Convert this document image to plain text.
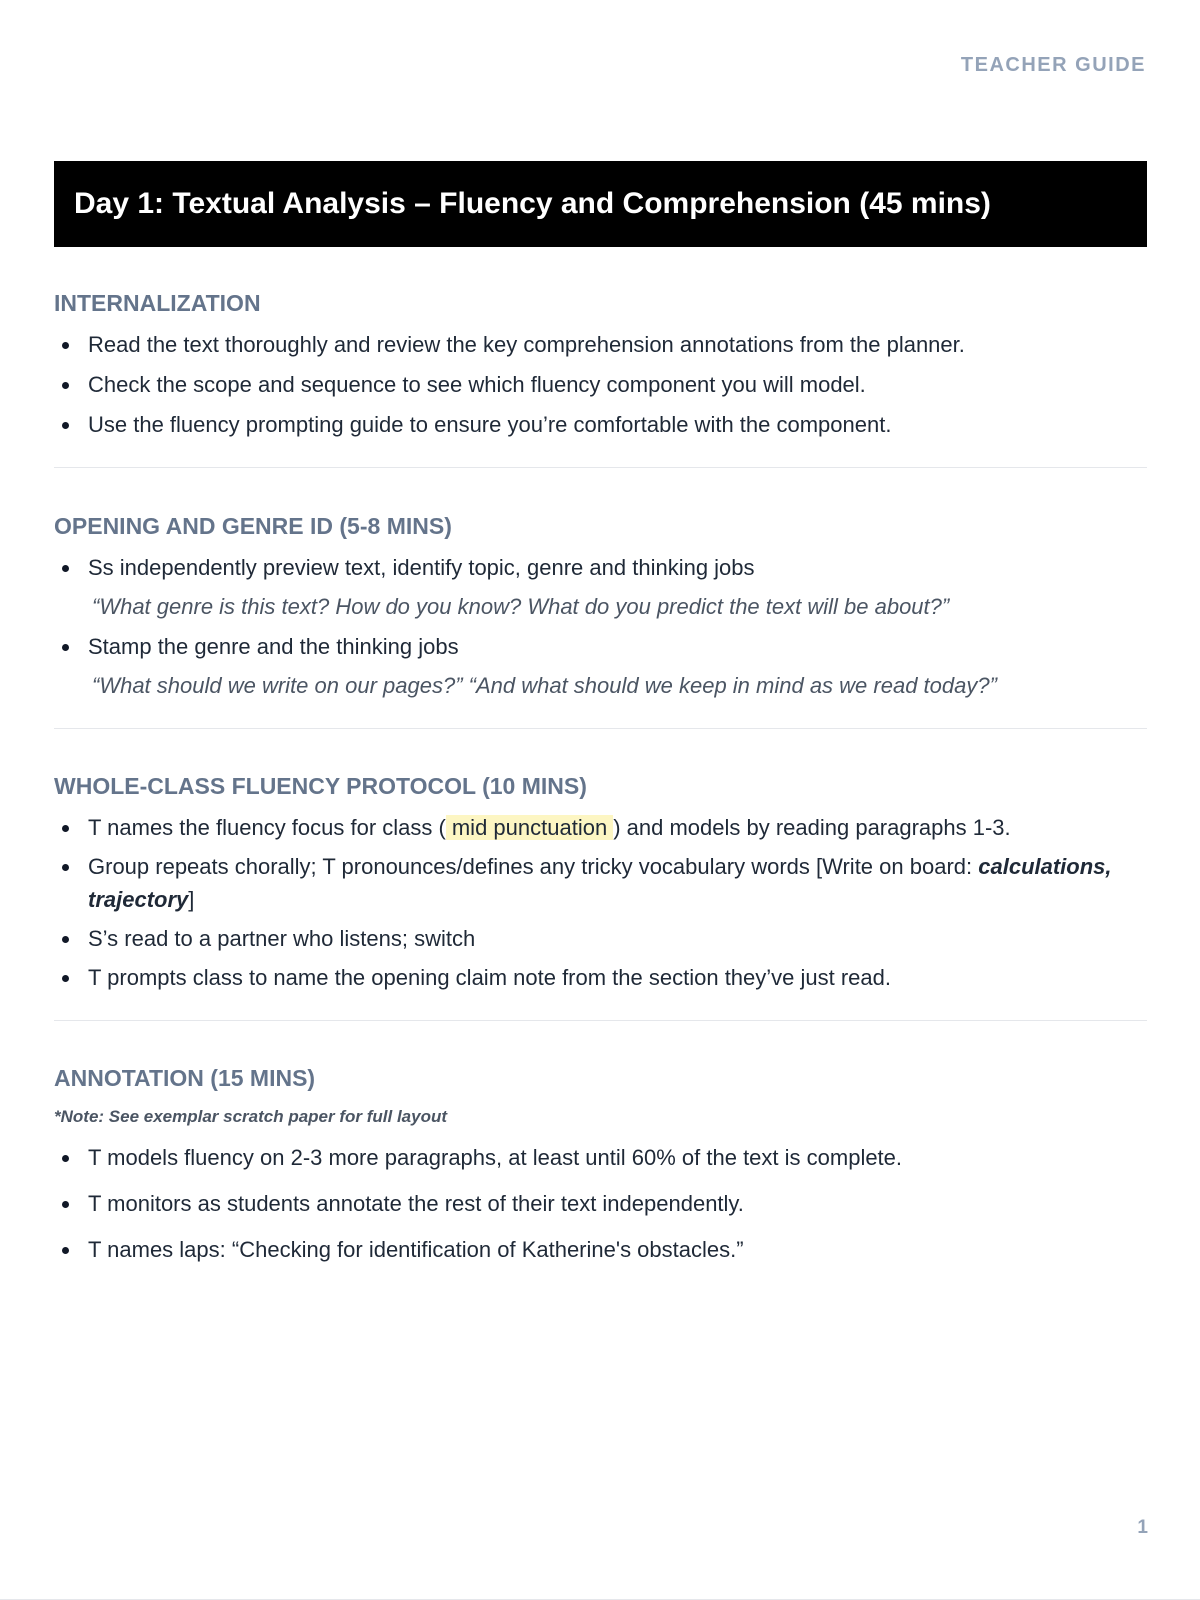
TEACHER GUIDE
Day 1: Textual Analysis – Fluency and Comprehension (45 mins)
INTERNALIZATION
Read the text thoroughly and review the key comprehension annotations from the planner.
Check the scope and sequence to see which fluency component you will model.
Use the fluency prompting guide to ensure you’re comfortable with the component.
OPENING AND GENRE ID (5-8 MINS)
Ss independently preview text, identify topic, genre and thinking jobs
“What genre is this text? How do you know? What do you predict the text will be about?”
Stamp the genre and the thinking jobs
“What should we write on our pages?” “And what should we keep in mind as we read today?”
WHOLE-CLASS FLUENCY PROTOCOL (10 MINS)
T names the fluency focus for class ( mid punctuation ) and models by reading paragraphs 1-3.
Group repeats chorally; T pronounces/defines any tricky vocabulary words [Write on board: calculations, trajectory]
S’s read to a partner who listens; switch
T prompts class to name the opening claim note from the section they’ve just read.
ANNOTATION (15 MINS)
*Note: See exemplar scratch paper for full layout
T models fluency on 2-3 more paragraphs, at least until 60% of the text is complete.
T monitors as students annotate the rest of their text independently.
T names laps: “Checking for identification of Katherine's obstacles.”
1
